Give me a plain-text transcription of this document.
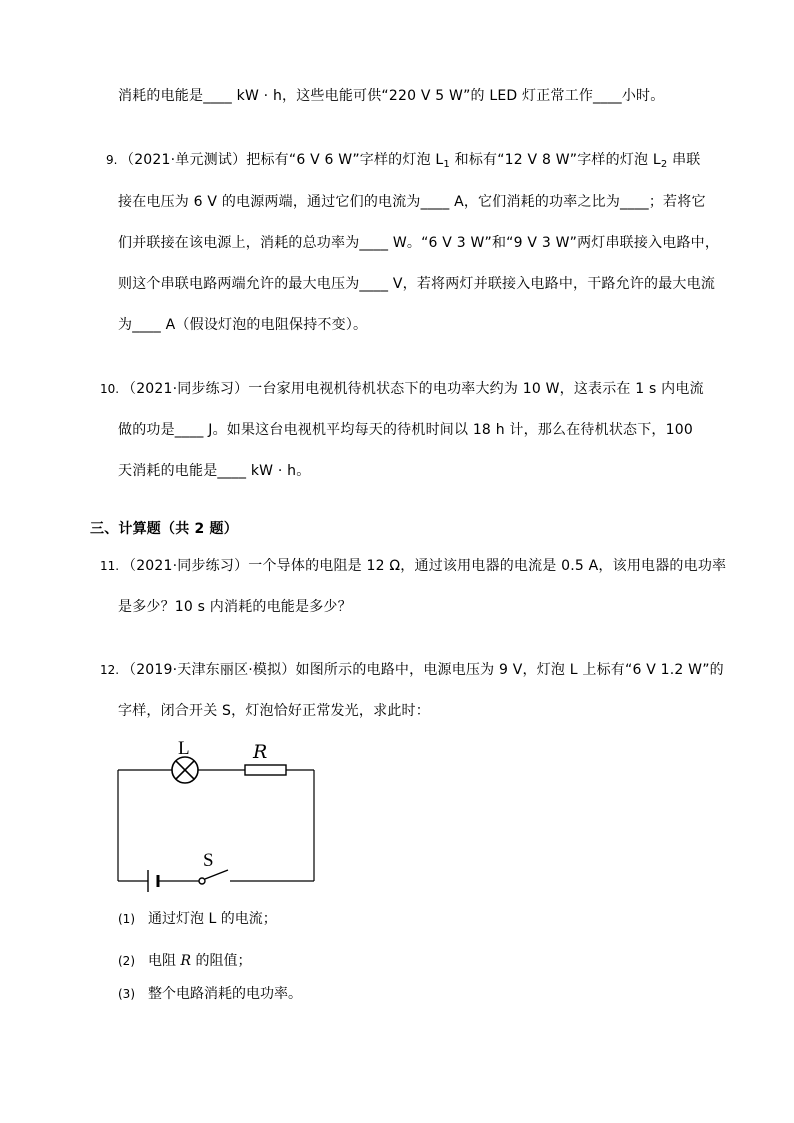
消耗的电能是____ kW · h，这些电能可供“220 V 5 W”的 LED 灯正常工作____小时。
9. （2021·单元测试）把标有“6 V 6 W”字样的灯泡 $L_1$ 和标有“12 V 8 W”字样的灯泡 $L_2$ 串联
接在电压为 6 V 的电源两端，通过它们的电流为____ A，它们消耗的功率之比为____；若将它
们并联接在该电源上，消耗的总功率为____ W。“6 V 3 W”和“9 V 3 W”两灯串联接入电路中，
则这个串联电路两端允许的最大电压为____ V，若将两灯并联接入电路中，干路允许的最大电流
为____ A（假设灯泡的电阻保持不变）。
10. （2021·同步练习）一台家用电视机待机状态下的电功率大约为 10 W，这表示在 1 s 内电流
做的功是____ J。如果这台电视机平均每天的待机时间以 18 h 计，那么在待机状态下，100
天消耗的电能是____ kW · h。
三、计算题（共 2 题）
11. （2021·同步练习）一个导体的电阻是 12 Ω，通过该用电器的电流是 0.5 A，该用电器的电功率
是多少？10 s 内消耗的电能是多少？
12. （2019·天津东丽区·模拟）如图所示的电路中，电源电压为 9 V，灯泡 L 上标有“6 V 1.2 W”的
字样，闭合开关 S，灯泡恰好正常发光，求此时：
L	R
S
(1) 通过灯泡 L 的电流；
(2) 电阻 R 的阻值；
(3) 整个电路消耗的电功率。
